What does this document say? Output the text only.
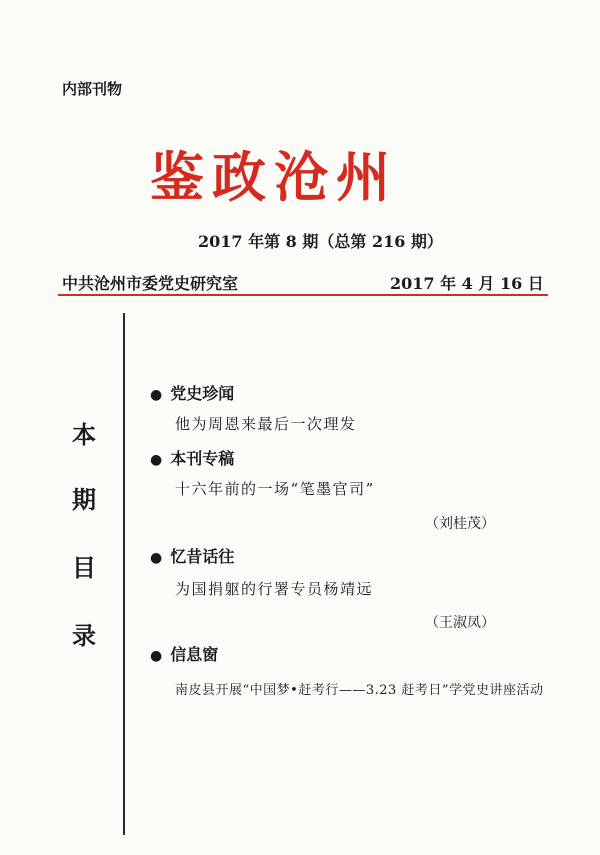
内部刊物
鉴政沧州
2017 年第 8 期（总第 216 期）
中共沧州市委党史研究室	2017 年 4 月 16 日
本
期
目
录
● 党史珍闻
他为周恩来最后一次理发
● 本刊专稿
十六年前的一场“笔墨官司”
（刘桂茂）
● 忆昔话往
为国捐躯的行署专员杨靖远
（王淑凤）
● 信息窗
南皮县开展“中国梦•赶考行——3.23 赶考日”学党史讲座活动
